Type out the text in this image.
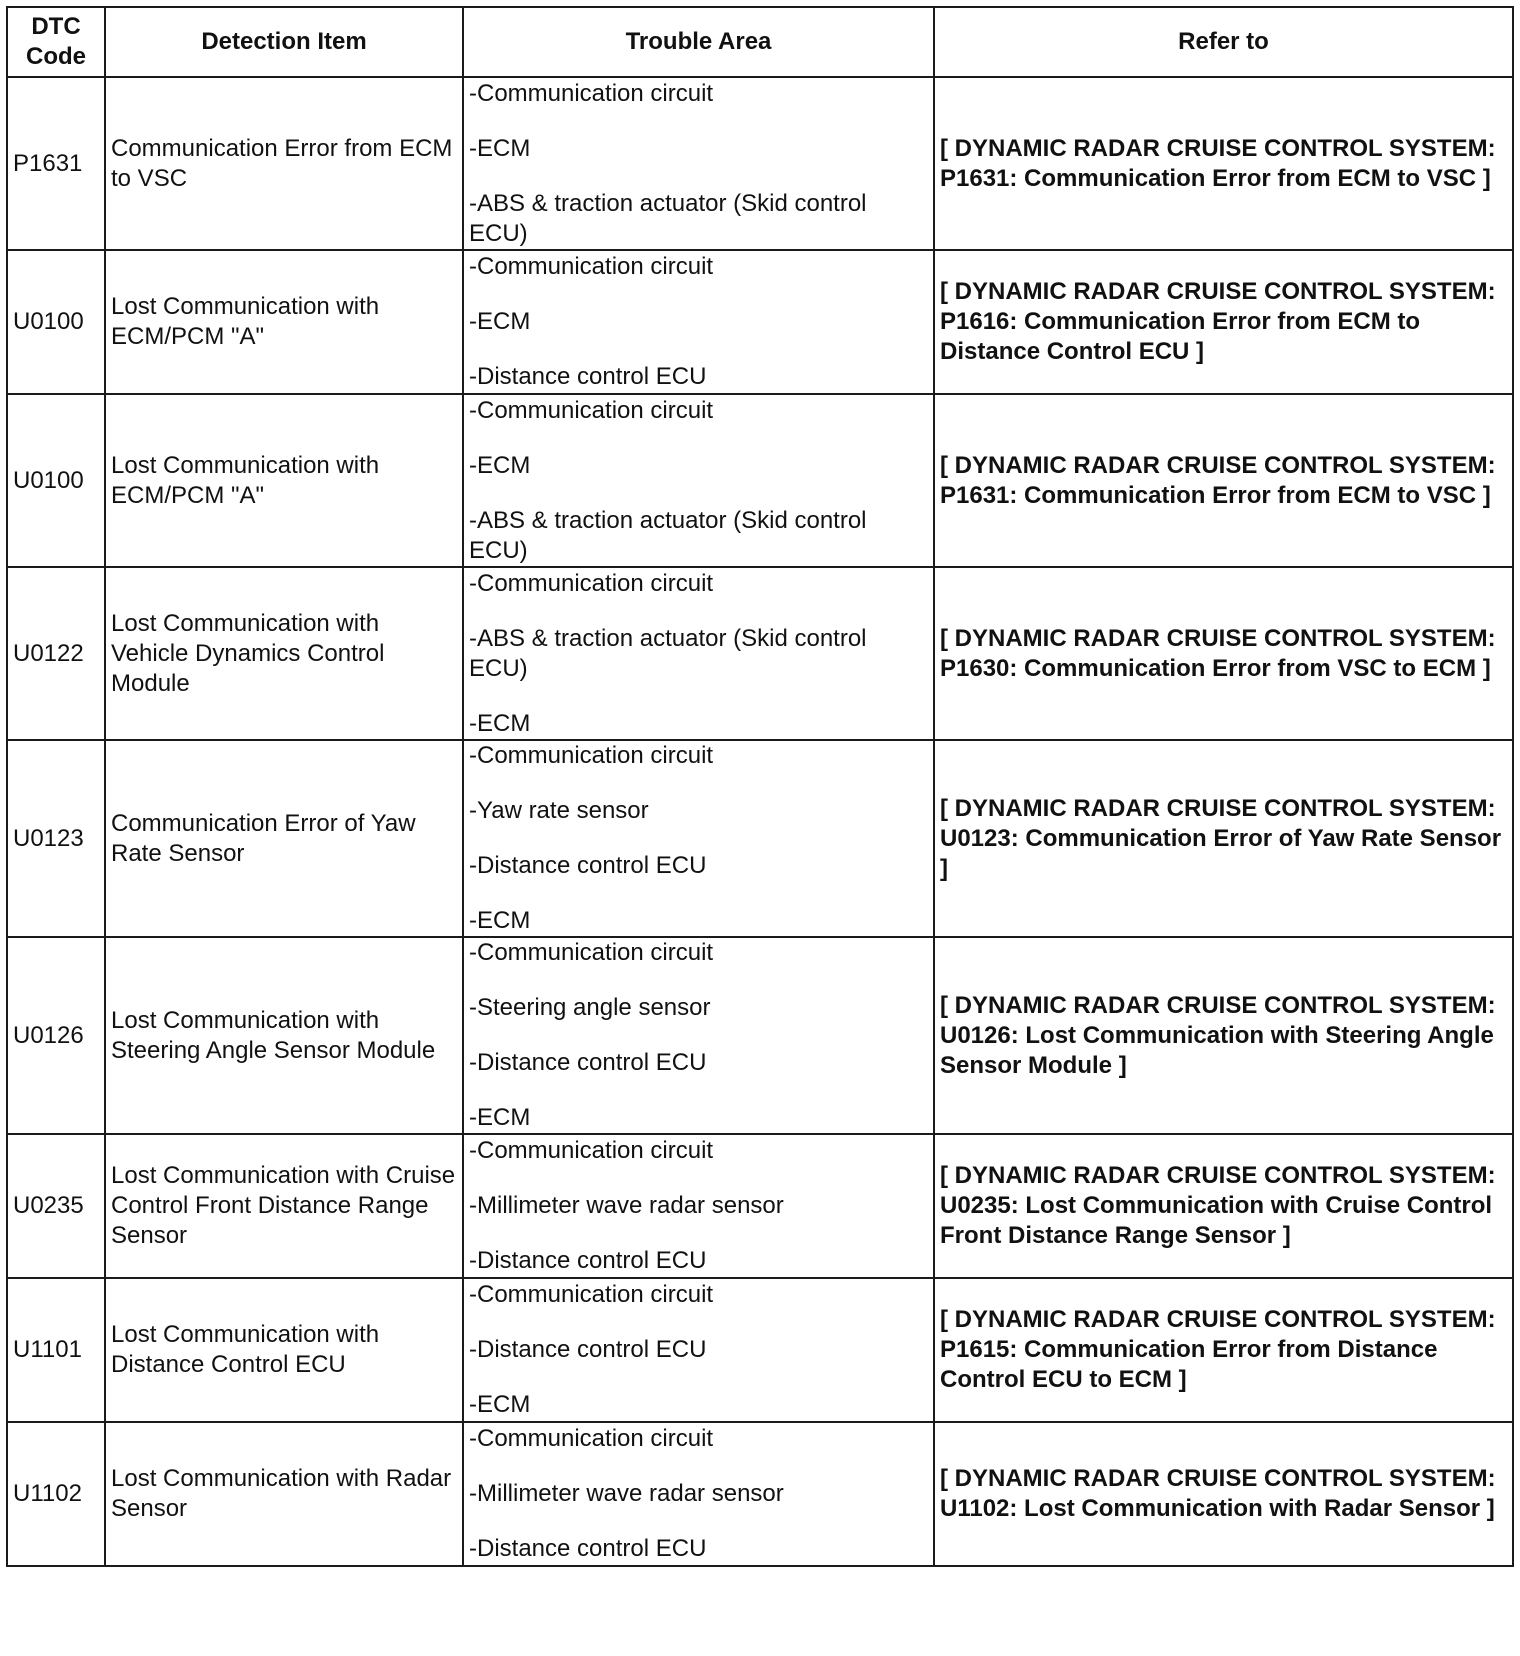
DTC Code	Detection Item	Trouble Area	Refer to
P1631	Communication Error from ECM to VSC	-Communication circuit
-ECM
-ABS & traction actuator (Skid control ECU)	[ DYNAMIC RADAR CRUISE CONTROL SYSTEM: P1631: Communication Error from ECM to VSC ]
U0100	Lost Communication with ECM/PCM "A"	-Communication circuit
-ECM
-Distance control ECU	[ DYNAMIC RADAR CRUISE CONTROL SYSTEM: P1616: Communication Error from ECM to Distance Control ECU ]
U0100	Lost Communication with ECM/PCM "A"	-Communication circuit
-ECM
-ABS & traction actuator (Skid control ECU)	[ DYNAMIC RADAR CRUISE CONTROL SYSTEM: P1631: Communication Error from ECM to VSC ]
U0122	Lost Communication with Vehicle Dynamics Control Module	-Communication circuit
-ABS & traction actuator (Skid control ECU)
-ECM	[ DYNAMIC RADAR CRUISE CONTROL SYSTEM: P1630: Communication Error from VSC to ECM ]
U0123	Communication Error of Yaw Rate Sensor	-Communication circuit
-Yaw rate sensor
-Distance control ECU
-ECM	[ DYNAMIC RADAR CRUISE CONTROL SYSTEM: U0123: Communication Error of Yaw Rate Sensor ]
U0126	Lost Communication with Steering Angle Sensor Module	-Communication circuit
-Steering angle sensor
-Distance control ECU
-ECM	[ DYNAMIC RADAR CRUISE CONTROL SYSTEM: U0126: Lost Communication with Steering Angle Sensor Module ]
U0235	Lost Communication with Cruise Control Front Distance Range Sensor	-Communication circuit
-Millimeter wave radar sensor
-Distance control ECU	[ DYNAMIC RADAR CRUISE CONTROL SYSTEM: U0235: Lost Communication with Cruise Control Front Distance Range Sensor ]
U1101	Lost Communication with Distance Control ECU	-Communication circuit
-Distance control ECU
-ECM	[ DYNAMIC RADAR CRUISE CONTROL SYSTEM: P1615: Communication Error from Distance Control ECU to ECM ]
U1102	Lost Communication with Radar Sensor	-Communication circuit
-Millimeter wave radar sensor
-Distance control ECU	[ DYNAMIC RADAR CRUISE CONTROL SYSTEM: U1102: Lost Communication with Radar Sensor ]
